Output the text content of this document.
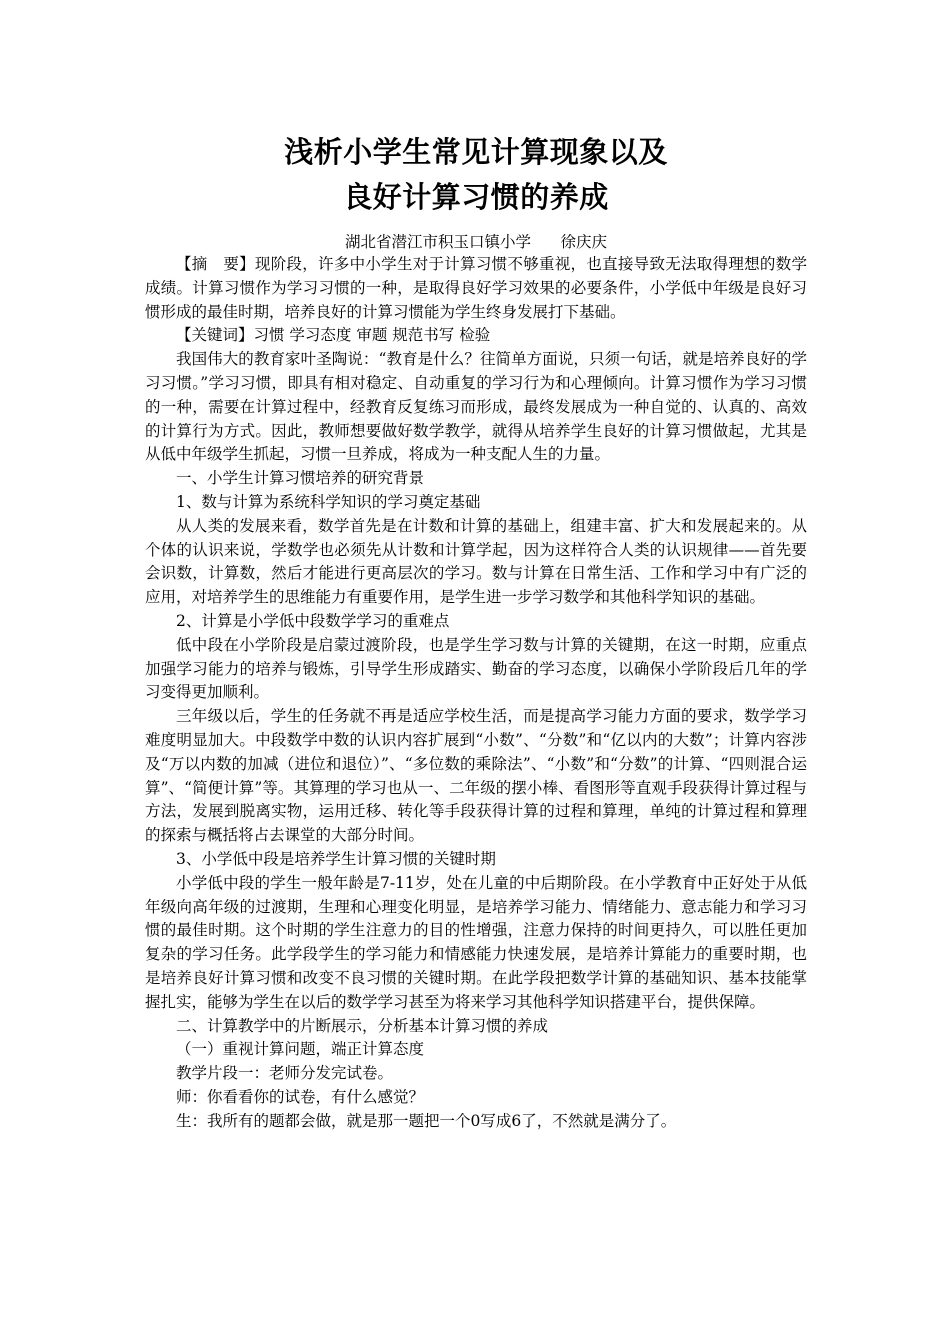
浅析小学生常见计算现象以及
良好计算习惯的养成
湖北省潜江市积玉口镇小学      徐庆庆

【摘　要】现阶段，许多中小学生对于计算习惯不够重视，也直接导致无法取得理想的数学成绩。计算习惯作为学习习惯的一种，是取得良好学习效果的必要条件，小学低中年级是良好习惯形成的最佳时期，培养良好的计算习惯能为学生终身发展打下基础。

【关键词】习惯 学习态度 审题 规范书写 检验

我国伟大的教育家叶圣陶说：“教育是什么？往简单方面说，只须一句话，就是培养良好的学习习惯。”学习习惯，即具有相对稳定、自动重复的学习行为和心理倾向。计算习惯作为学习习惯的一种，需要在计算过程中，经教育反复练习而形成，最终发展成为一种自觉的、认真的、高效的计算行为方式。因此，教师想要做好数学教学，就得从培养学生良好的计算习惯做起，尤其是从低中年级学生抓起，习惯一旦养成，将成为一种支配人生的力量。

一、小学生计算习惯培养的研究背景

1、数与计算为系统科学知识的学习奠定基础

从人类的发展来看，数学首先是在计数和计算的基础上，组建丰富、扩大和发展起来的。从个体的认识来说，学数学也必须先从计数和计算学起，因为这样符合人类的认识规律——首先要会识数，计算数，然后才能进行更高层次的学习。数与计算在日常生活、工作和学习中有广泛的应用，对培养学生的思维能力有重要作用，是学生进一步学习数学和其他科学知识的基础。

2、计算是小学低中段数学学习的重难点

低中段在小学阶段是启蒙过渡阶段，也是学生学习数与计算的关键期，在这一时期，应重点加强学习能力的培养与锻炼，引导学生形成踏实、勤奋的学习态度，以确保小学阶段后几年的学习变得更加顺利。

三年级以后，学生的任务就不再是适应学校生活，而是提高学习能力方面的要求，数学学习难度明显加大。中段数学中数的认识内容扩展到“小数”、“分数”和“亿以内的大数”；计算内容涉及“万以内数的加减（进位和退位）”、“多位数的乘除法”、“小数”和“分数”的计算、“四则混合运算”、“简便计算”等。其算理的学习也从一、二年级的摆小棒、看图形等直观手段获得计算过程与方法，发展到脱离实物，运用迁移、转化等手段获得计算的过程和算理，单纯的计算过程和算理的探索与概括将占去课堂的大部分时间。

3、小学低中段是培养学生计算习惯的关键时期

小学低中段的学生一般年龄是7-11岁，处在儿童的中后期阶段。在小学教育中正好处于从低年级向高年级的过渡期，生理和心理变化明显，是培养学习能力、情绪能力、意志能力和学习习惯的最佳时期。这个时期的学生注意力的目的性增强，注意力保持的时间更持久，可以胜任更加复杂的学习任务。此学段学生的学习能力和情感能力快速发展，是培养计算能力的重要时期，也是培养良好计算习惯和改变不良习惯的关键时期。在此学段把数学计算的基础知识、基本技能掌握扎实，能够为学生在以后的数学学习甚至为将来学习其他科学知识搭建平台，提供保障。

二、计算教学中的片断展示，分析基本计算习惯的养成

（一）重视计算问题，端正计算态度

教学片段一：老师分发完试卷。

师：你看看你的试卷，有什么感觉？

生：我所有的题都会做，就是那一题把一个0写成6了，不然就是满分了。
